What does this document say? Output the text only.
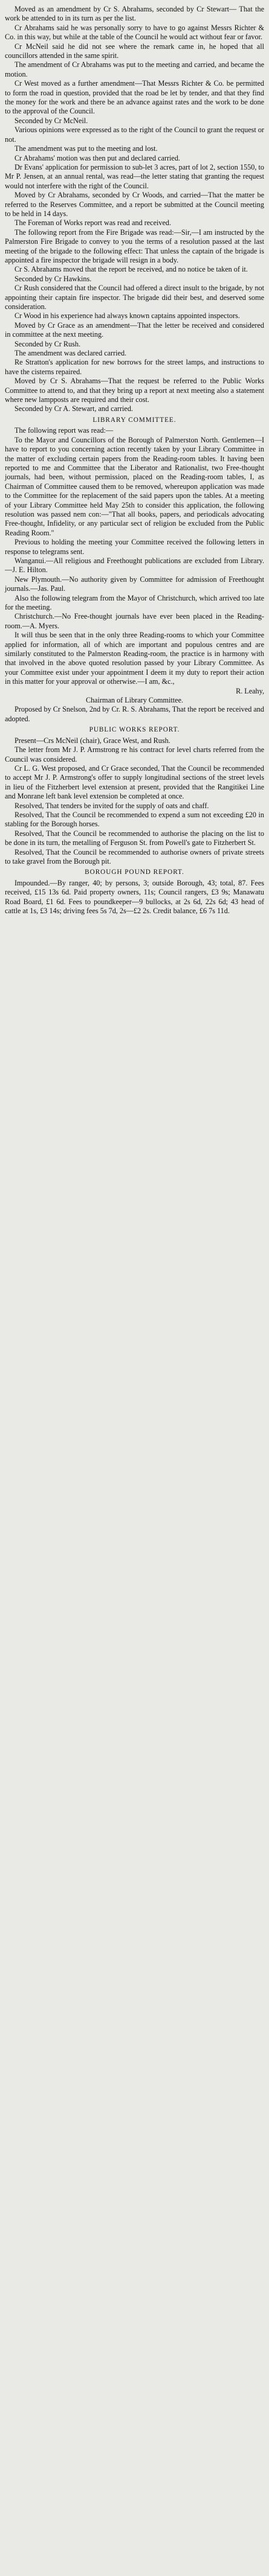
Moved as an amendment by Cr S. Abrahams, seconded by Cr Stewart— That the work be attended to in its turn as per the list.

Cr Abrahams said he was personally sorry to have to go against Messrs Richter & Co. in this way, but while at the table of the Council he would act without fear or favor.

Cr McNeil said he did not see where the remark came in, he hoped that all councillors attended in the same spirit.

The amendment of Cr Abrahams was put to the meeting and carried, and became the motion.

Cr West moved as a further amendment—That Messrs Richter & Co. be permitted to form the road in question, provided that the road be let by tender, and that they find the money for the work and there be an advance against rates and the work to be done to the approval of the Council.

Seconded by Cr McNeil.

Various opinions were expressed as to the right of the Council to grant the request or not.

The amendment was put to the meeting and lost.

Cr Abrahams' motion was then put and declared carried.

Dr Evans' application for permission to sub-let 3 acres, part of lot 2, section 1550, to Mr P. Jensen, at an annual rental, was read—the letter stating that granting the request would not interfere with the right of the Council.

Moved by Cr Abrahams, seconded by Cr Woods, and carried—That the matter be referred to the Reserves Committee, and a report be submitted at the Council meeting to be held in 14 days.

The Foreman of Works report was read and received.

The following report from the Fire Brigade was read:—Sir,—I am instructed by the Palmerston Fire Brigade to convey to you the terms of a resolution passed at the last meeting of the brigade to the following effect: That unless the captain of the brigade is appointed a fire inspector the brigade will resign in a body.

Cr S. Abrahams moved that the report be received, and no notice be taken of it.

Seconded by Cr Hawkins.

Cr Rush considered that the Council had offered a direct insult to the brigade, by not appointing their captain fire inspector. The brigade did their best, and deserved some consideration.

Cr Wood in his experience had always known captains appointed inspectors.

Moved by Cr Grace as an amendment—That the letter be received and considered in committee at the next meeting.

Seconded by Cr Rush.

The amendment was declared carried.

Re Stratton's application for new borrows for the street lamps, and instructions to have the cisterns repaired.

Moved by Cr S. Abrahams—That the request be referred to the Public Works Committee to attend to, and that they bring up a report at next meeting also a statement where new lampposts are required and their cost.

Seconded by Cr A. Stewart, and carried.

LIBRARY COMMITTEE.

The following report was read:—

To the Mayor and Councillors of the Borough of Palmerston North. Gentlemen—I have to report to you concerning action recently taken by your Library Committee in the matter of excluding certain papers from the Reading-room tables. It having been reported to me and Committee that the Liberator and Rationalist, two Free-thought journals, had been, without permission, placed on the Reading-room tables, I, as Chairman of Committee caused them to be removed, whereupon application was made to the Committee for the replacement of the said papers upon the tables. At a meeting of your Library Committee held May 25th to consider this application, the following resolution was passed nem con:—"That all books, papers, and periodicals advocating Free-thought, Infidelity, or any particular sect of religion be excluded from the Public Reading Room."

Previous to holding the meeting your Committee received the following letters in response to telegrams sent.

Wanganui.—All religious and Freethought publications are excluded from Library.—J. E. Hilton.

New Plymouth.—No authority given by Committee for admission of Freethought journals.—Jas. Paul.

Also the following telegram from the Mayor of Christchurch, which arrived too late for the meeting.

Christchurch.—No Free-thought journals have ever been placed in the Reading-room.—A. Myers.

It will thus be seen that in the only three Reading-rooms to which your Committee applied for information, all of which are important and populous centres and are similarly constituted to the Palmerston Reading-room, the practice is in harmony with that involved in the above quoted resolution passed by your Library Committee. As your Committee exist under your appointment I deem it my duty to report their action in this matter for your approval or otherwise.—I am, &c.,

R. Leahy,

Chairman of Library Committee.

Proposed by Cr Snelson, 2nd by Cr. R. S. Abrahams, That the report be received and adopted.

PUBLIC WORKS REPORT.

Present—Crs McNeil (chair), Grace West, and Rush.

The letter from Mr J. P. Armstrong re his contract for level charts referred from the Council was considered.

Cr L. G. West proposed, and Cr Grace seconded, That the Council be recommended to accept Mr J. P. Armstrong's offer to supply longitudinal sections of the street levels in lieu of the Fitzherbert level extension at present, provided that the Rangitikei Line and Monrane left bank level extension be completed at once.

Resolved, That tenders be invited for the supply of oats and chaff.

Resolved, That the Council be recommended to expend a sum not exceeding £20 in stabling for the Borough horses.

Resolved, That the Council be recommended to authorise the placing on the list to be done in its turn, the metalling of Ferguson St. from Powell's gate to Fitzherbert St.

Resolved, That the Council be recommended to authorise owners of private streets to take gravel from the Borough pit.

BOROUGH POUND REPORT.

Impounded.—By ranger, 40; by persons, 3; outside Borough, 43; total, 87. Fees received, £15 13s 6d. Paid property owners, 11s; Council rangers, £3 9s; Manawatu Road Board, £1 6d. Fees to poundkeeper—9 bullocks, at 2s 6d, 22s 6d; 43 head of cattle at 1s, £3 14s; driving fees 5s 7d, 2s—£2 2s. Credit balance, £6 7s 11d.
